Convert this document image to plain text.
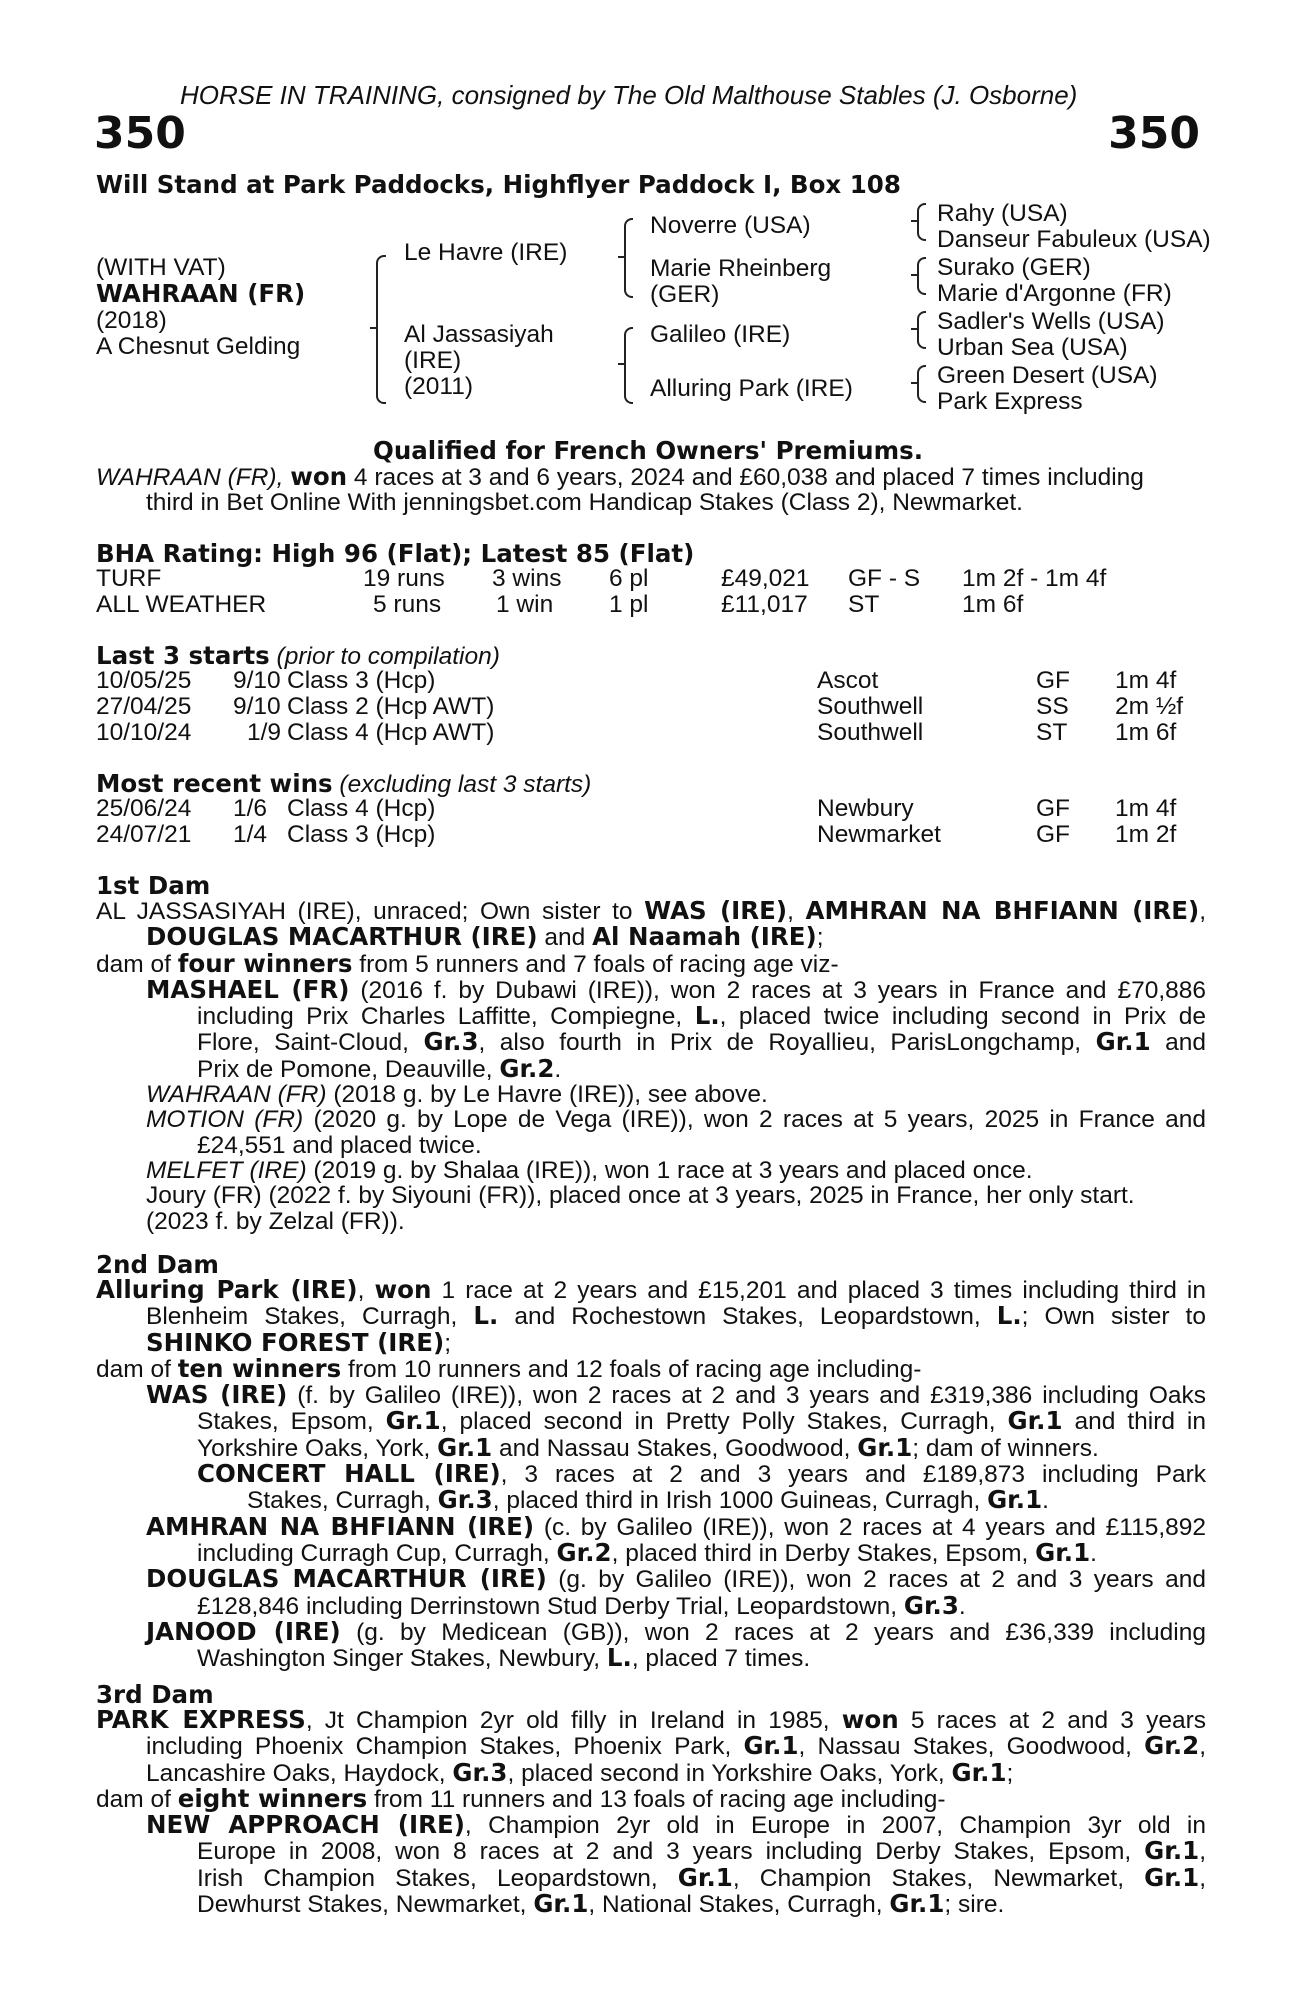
HORSE IN TRAINING, consigned by The Old Malthouse Stables (J. Osborne)
350	350
Will Stand at Park Paddocks, Highflyer Paddock I, Box 108
(WITH VAT)
WAHRAAN (FR)
(2018)
A Chesnut Gelding
Le Havre (IRE)
Al Jassasiyah
(IRE)
(2011)
Noverre (USA)
Marie Rheinberg
(GER)
Galileo (IRE)
Alluring Park (IRE)
Rahy (USA)
Danseur Fabuleux (USA)
Surako (GER)
Marie d'Argonne (FR)
Sadler's Wells (USA)
Urban Sea (USA)
Green Desert (USA)
Park Express
Qualified for French Owners' Premiums.
WAHRAAN (FR), won 4 races at 3 and 6 years, 2024 and £60,038 and placed 7 times including
third in Bet Online With jenningsbet.com Handicap Stakes (Class 2), Newmarket.
BHA Rating: High 96 (Flat); Latest 85 (Flat)
TURF	19 runs 3 wins 6 pl	£49,021 GF - S 1m 2f - 1m 4f
ALL WEATHER	5 runs 1 win 1 pl	£11,017 ST	1m 6f
Last 3 starts (prior to compilation)
10/05/25 9/10 Class 3 (Hcp)	Ascot	GF 1m 4f
27/04/25 9/10 Class 2 (Hcp AWT)	Southwell	SS 2m ½f
10/10/24 1/9 Class 4 (Hcp AWT)	Southwell	ST 1m 6f
Most recent wins (excluding last 3 starts)
25/06/24 1/6 Class 4 (Hcp)	Newbury	GF 1m 4f
24/07/21 1/4 Class 3 (Hcp)	Newmarket	GF 1m 2f
1st Dam
AL JASSASIYAH (IRE), unraced; Own sister to WAS (IRE), AMHRAN NA BHFIANN (IRE),
DOUGLAS MACARTHUR (IRE) and Al Naamah (IRE);
dam of four winners from 5 runners and 7 foals of racing age viz-
MASHAEL (FR) (2016 f. by Dubawi (IRE)), won 2 races at 3 years in France and £70,886
including Prix Charles Laffitte, Compiegne, L., placed twice including second in Prix de
Flore, Saint-Cloud, Gr.3, also fourth in Prix de Royallieu, ParisLongchamp, Gr.1 and
Prix de Pomone, Deauville, Gr.2.
WAHRAAN (FR) (2018 g. by Le Havre (IRE)), see above.
MOTION (FR) (2020 g. by Lope de Vega (IRE)), won 2 races at 5 years, 2025 in France and
£24,551 and placed twice.
MELFET (IRE) (2019 g. by Shalaa (IRE)), won 1 race at 3 years and placed once.
Joury (FR) (2022 f. by Siyouni (FR)), placed once at 3 years, 2025 in France, her only start.
(2023 f. by Zelzal (FR)).
2nd Dam
Alluring Park (IRE), won 1 race at 2 years and £15,201 and placed 3 times including third in
Blenheim Stakes, Curragh, L. and Rochestown Stakes, Leopardstown, L.; Own sister to
SHINKO FOREST (IRE);
dam of ten winners from 10 runners and 12 foals of racing age including-
WAS (IRE) (f. by Galileo (IRE)), won 2 races at 2 and 3 years and £319,386 including Oaks
Stakes, Epsom, Gr.1, placed second in Pretty Polly Stakes, Curragh, Gr.1 and third in
Yorkshire Oaks, York, Gr.1 and Nassau Stakes, Goodwood, Gr.1; dam of winners.
CONCERT HALL (IRE), 3 races at 2 and 3 years and £189,873 including Park
Stakes, Curragh, Gr.3, placed third in Irish 1000 Guineas, Curragh, Gr.1.
AMHRAN NA BHFIANN (IRE) (c. by Galileo (IRE)), won 2 races at 4 years and £115,892
including Curragh Cup, Curragh, Gr.2, placed third in Derby Stakes, Epsom, Gr.1.
DOUGLAS MACARTHUR (IRE) (g. by Galileo (IRE)), won 2 races at 2 and 3 years and
£128,846 including Derrinstown Stud Derby Trial, Leopardstown, Gr.3.
JANOOD (IRE) (g. by Medicean (GB)), won 2 races at 2 years and £36,339 including
Washington Singer Stakes, Newbury, L., placed 7 times.
3rd Dam
PARK EXPRESS, Jt Champion 2yr old filly in Ireland in 1985, won 5 races at 2 and 3 years
including Phoenix Champion Stakes, Phoenix Park, Gr.1, Nassau Stakes, Goodwood, Gr.2,
Lancashire Oaks, Haydock, Gr.3, placed second in Yorkshire Oaks, York, Gr.1;
dam of eight winners from 11 runners and 13 foals of racing age including-
NEW APPROACH (IRE), Champion 2yr old in Europe in 2007, Champion 3yr old in
Europe in 2008, won 8 races at 2 and 3 years including Derby Stakes, Epsom, Gr.1,
Irish Champion Stakes, Leopardstown, Gr.1, Champion Stakes, Newmarket, Gr.1,
Dewhurst Stakes, Newmarket, Gr.1, National Stakes, Curragh, Gr.1; sire.
